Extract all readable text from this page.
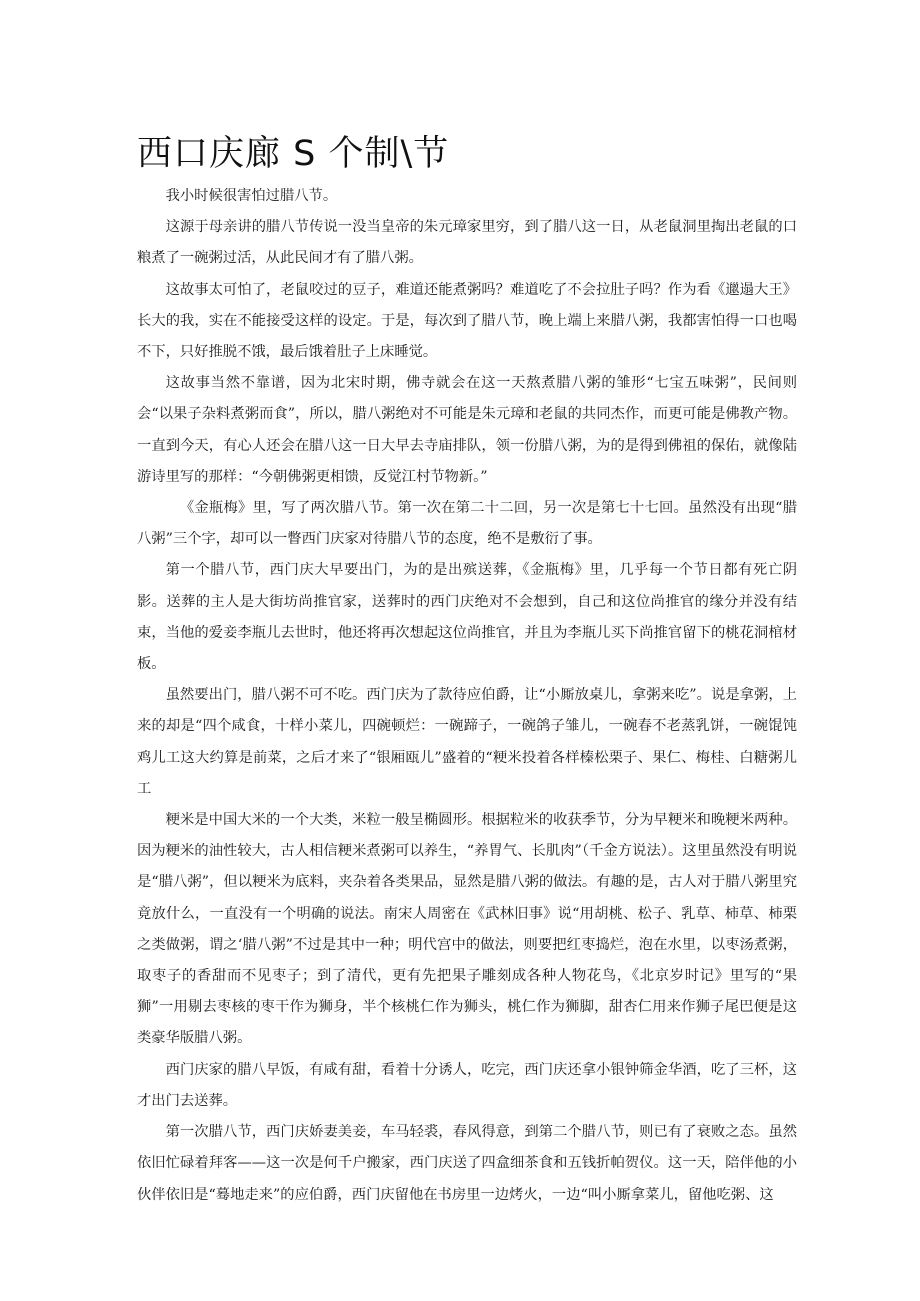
西口庆廊 S 个制\节

我小时候很害怕过腊八节。

这源于母亲讲的腊八节传说一没当皇帝的朱元璋家里穷，到了腊八这一日，从老鼠洞里掏出老鼠的口粮煮了一碗粥过活，从此民间才有了腊八粥。

这故事太可怕了，老鼠咬过的豆子，难道还能煮粥吗？难道吃了不会拉肚子吗？作为看《邋遢大王》长大的我，实在不能接受这样的设定。于是，每次到了腊八节，晚上端上来腊八粥，我都害怕得一口也喝不下，只好推脱不饿，最后饿着肚子上床睡觉。

这故事当然不靠谱，因为北宋时期，佛寺就会在这一天熬煮腊八粥的雏形“七宝五味粥”，民间则会“以果子杂料煮粥而食”，所以，腊八粥绝对不可能是朱元璋和老鼠的共同杰作，而更可能是佛教产物。一直到今天，有心人还会在腊八这一日大早去寺庙排队，领一份腊八粥，为的是得到佛祖的保佑，就像陆游诗里写的那样：“今朝佛粥更相馈，反觉江村节物新。”

《金瓶梅》里，写了两次腊八节。第一次在第二十二回，另一次是第七十七回。虽然没有出现“腊八粥”三个字，却可以一瞥西门庆家对待腊八节的态度，绝不是敷衍了事。

第一个腊八节，西门庆大早要出门，为的是出殡送葬，《金瓶梅》里，几乎每一个节日都有死亡阴影。送葬的主人是大街坊尚推官家，送葬时的西门庆绝对不会想到，自己和这位尚推官的缘分并没有结束，当他的爱妾李瓶儿去世时，他还将再次想起这位尚推官，并且为李瓶儿买下尚推官留下的桃花洞棺材板。

虽然要出门，腊八粥不可不吃。西门庆为了款待应伯爵，让“小厮放桌儿，拿粥来吃”。说是拿粥，上来的却是“四个咸食，十样小菜儿，四碗顿烂：一碗蹄子，一碗鸽子雏儿，一碗春不老蒸乳饼，一碗馄饨鸡儿工这大约算是前菜，之后才来了“银厢瓯儿”盛着的“粳米投着各样榛松栗子、果仁、梅桂、白糖粥儿工

粳米是中国大米的一个大类，米粒一般呈椭圆形。根据粒米的收获季节，分为早粳米和晚粳米两种。因为粳米的油性较大，古人相信粳米煮粥可以养生，“养胃气、长肌肉”（千金方说法）。这里虽然没有明说是“腊八粥”，但以粳米为底料，夹杂着各类果品，显然是腊八粥的做法。有趣的是，古人对于腊八粥里究竟放什么，一直没有一个明确的说法。南宋人周密在《武林旧事》说“用胡桃、松子、乳草、柿草、柿栗之类做粥，谓之‘腊八粥”不过是其中一种；明代宫中的做法，则要把红枣捣烂，泡在水里，以枣汤煮粥，取枣子的香甜而不见枣子；到了清代，更有先把果子雕刻成各种人物花鸟，《北京岁时记》里写的“果狮”一用剔去枣核的枣干作为狮身，半个核桃仁作为狮头，桃仁作为狮脚，甜杏仁用来作狮子尾巴便是这类豪华版腊八粥。

西门庆家的腊八早饭，有咸有甜，看着十分诱人，吃完，西门庆还拿小银钟筛金华酒，吃了三杯，这才出门去送葬。

第一次腊八节，西门庆娇妻美妾，车马轻裘，春风得意，到第二个腊八节，则已有了衰败之态。虽然依旧忙碌着拜客——这一次是何千户搬家，西门庆送了四盒细茶食和五钱折帕贺仪。这一天，陪伴他的小伙伴依旧是“蓦地走来”的应伯爵，西门庆留他在书房里一边烤火，一边“叫小厮拿菜儿，留他吃粥、这
